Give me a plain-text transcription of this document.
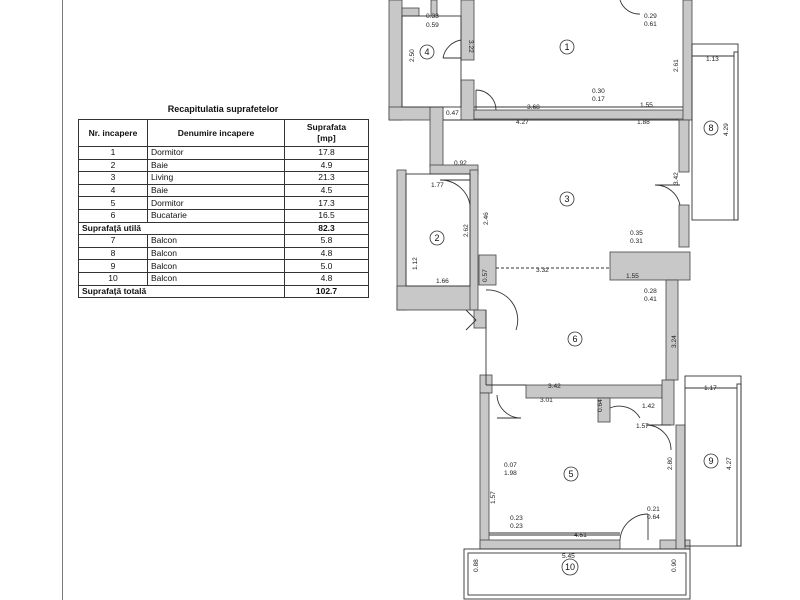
Recapitulatia suprafetelor
Nr. incapere	Denumire incapere	Suprafata
[mp]
1	Dormitor	17.8
2	Baie	4.9
3	Living	21.3
4	Baie	4.5
5	Dormitor	17.3
6	Bucatarie	16.5
Suprafață utilă		82.3
7	Balcon	5.8
8	Balcon	4.8
9	Balcon	5.0
10	Balcon	4.8
Suprafață totală		102.7
1
2
3
4
5
6
8
9
10
0.33
0.59
2.50
3.22
0.29
0.61
1.13
2.61
0.30
0.17
0.47
3.68	1.55
4.27	1.88
4.29
0.92
1.77
2.46
2.62
3.42
1.12
1.66
0.35
0.31
3.32
1.55
0.57
0.28
0.41
3.24
3.42
3.01	0.64	1.42
1.17
1.57
2.80	4.27
0.07
1.98
1.57
0.23
0.23
0.21
0.64
4.51
5.45
0.88	0.90
